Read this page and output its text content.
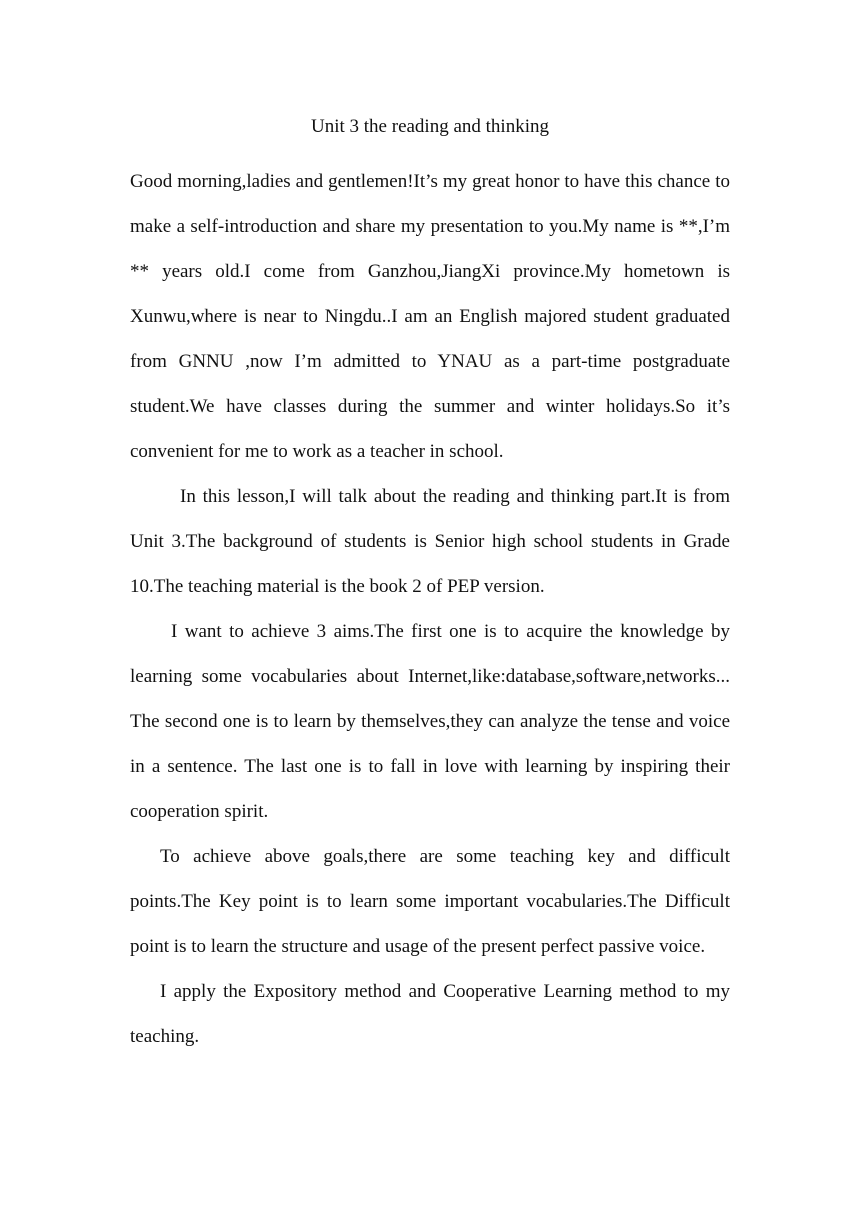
Unit 3 the reading and thinking

Good morning,ladies and gentlemen!It’s my great honor to have this chance to make a self-introduction and share my presentation to you.My name is **,I’m ** years old.I come from Ganzhou,JiangXi province.My hometown is Xunwu,where is near to Ningdu..I am an English majored student graduated from GNNU ,now I’m admitted to YNAU as a part-time postgraduate student.We have classes during the summer and winter holidays.So it’s convenient for me to work as a teacher in school.

In this lesson,I will talk about the reading and thinking part.It is from Unit 3.The background of students is Senior high school students in Grade 10.The teaching material is the book 2 of PEP version.

I want to achieve 3 aims.The first one is to acquire the knowledge by learning some vocabularies about Internet,like:database,software,networks... The second one is to learn by themselves,they can analyze the tense and voice in a sentence. The last one is to fall in love with learning by inspiring their cooperation spirit.

To achieve above goals,there are some teaching key and difficult points.The Key point is to learn some important vocabularies.The Difficult point is to learn the structure and usage of the present perfect passive voice.

I apply the Expository method and Cooperative Learning method to my teaching.
